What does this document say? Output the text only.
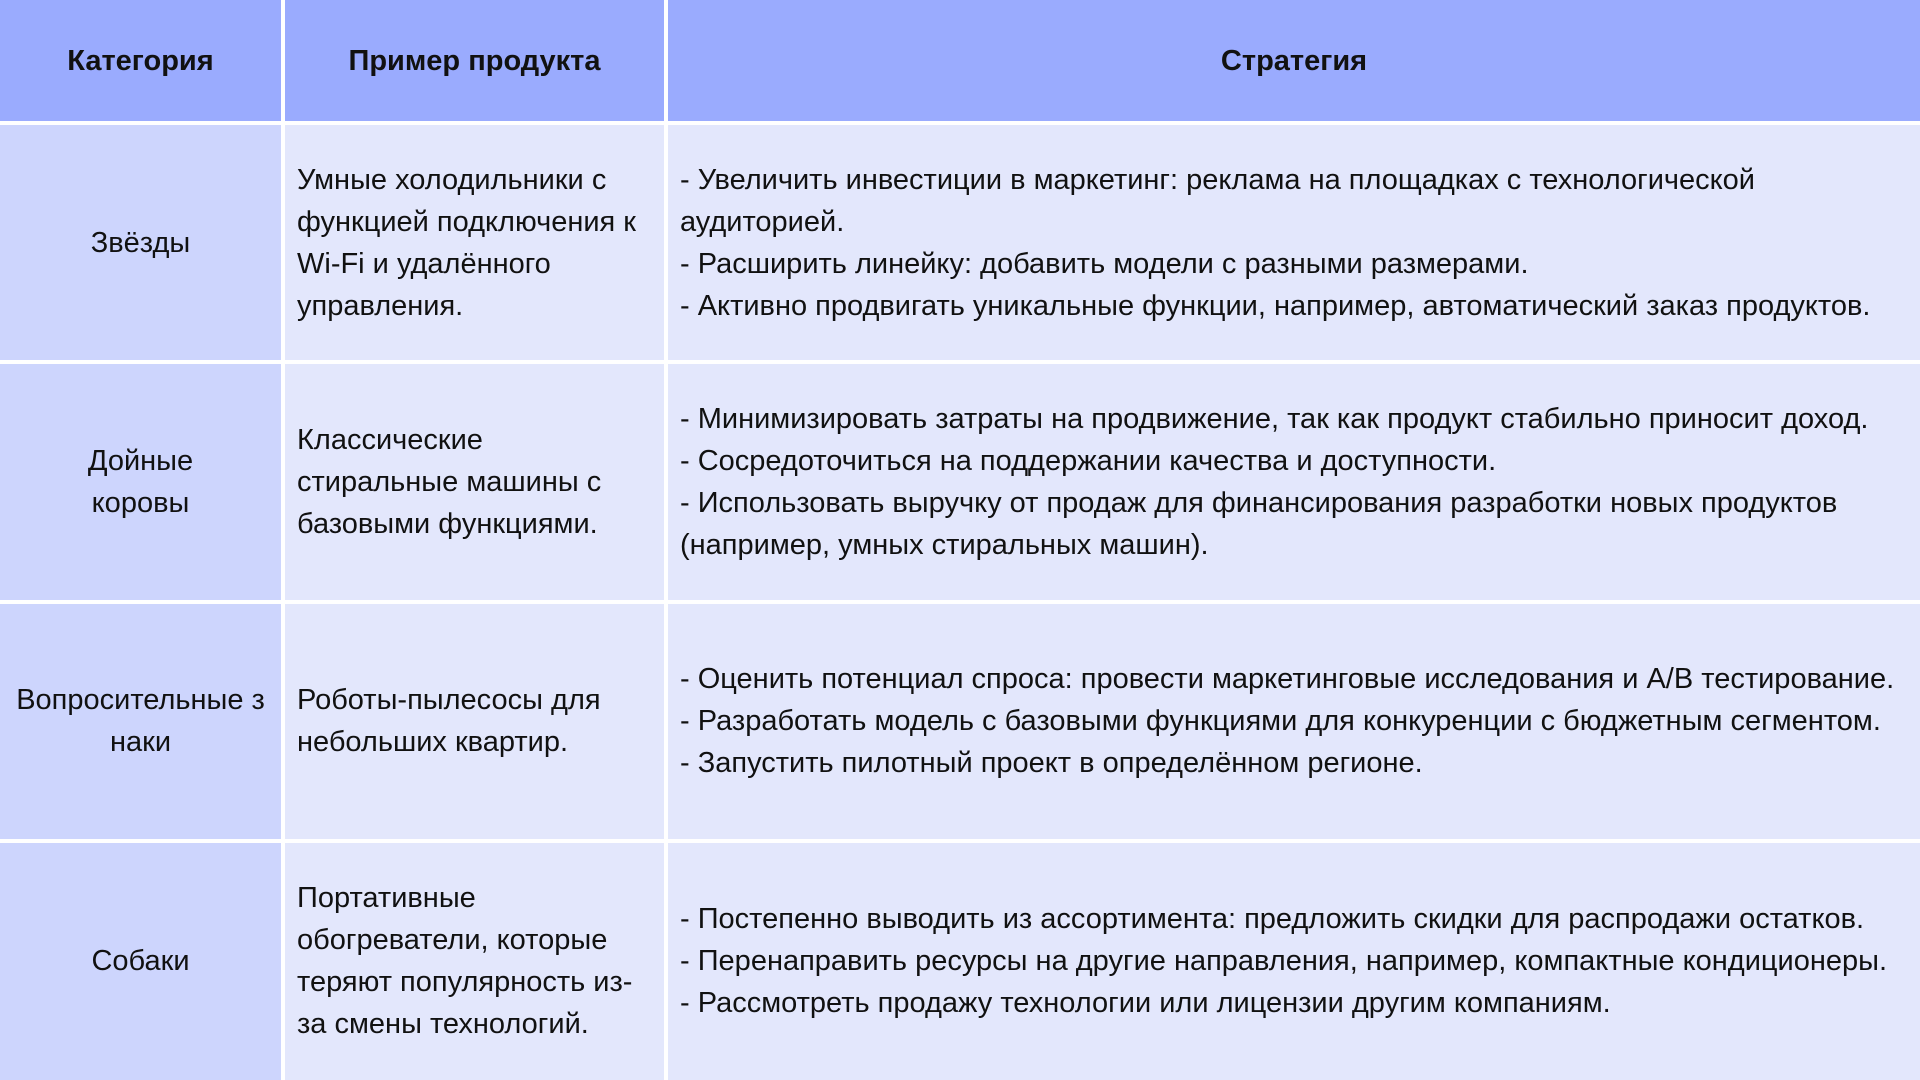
Категория	Пример продукта	Стратегия
Звёзды	Умные холодильники с функцией подключения к Wi-Fi и удалённого управления.	- Увеличить инвестиции в маркетинг: реклама на площадках с технологической аудиторией.
- Расширить линейку: добавить модели с разными размерами.
- Активно продвигать уникальные функции, например, автоматический заказ продуктов.

Дойные коровы	Классические стиральные машины с базовыми функциями.	- Минимизировать затраты на продвижение, так как продукт стабильно приносит доход.
- Сосредоточиться на поддержании качества и доступности.
- Использовать выручку от продаж для финансирования разработки новых продуктов (например, умных стиральных машин).

Вопросительные знаки	Роботы-пылесосы для небольших квартир.	- Оценить потенциал спроса: провести маркетинговые исследования и A/B тестирование.
- Разработать модель с базовыми функциями для конкуренции с бюджетным сегментом.
- Запустить пилотный проект в определённом регионе.

Собаки	Портативные обогреватели, которые теряют популярность из-за смены технологий.	- Постепенно выводить из ассортимента: предложить скидки для распродажи остатков.
- Перенаправить ресурсы на другие направления, например, компактные кондиционеры.
- Рассмотреть продажу технологии или лицензии другим компаниям.
